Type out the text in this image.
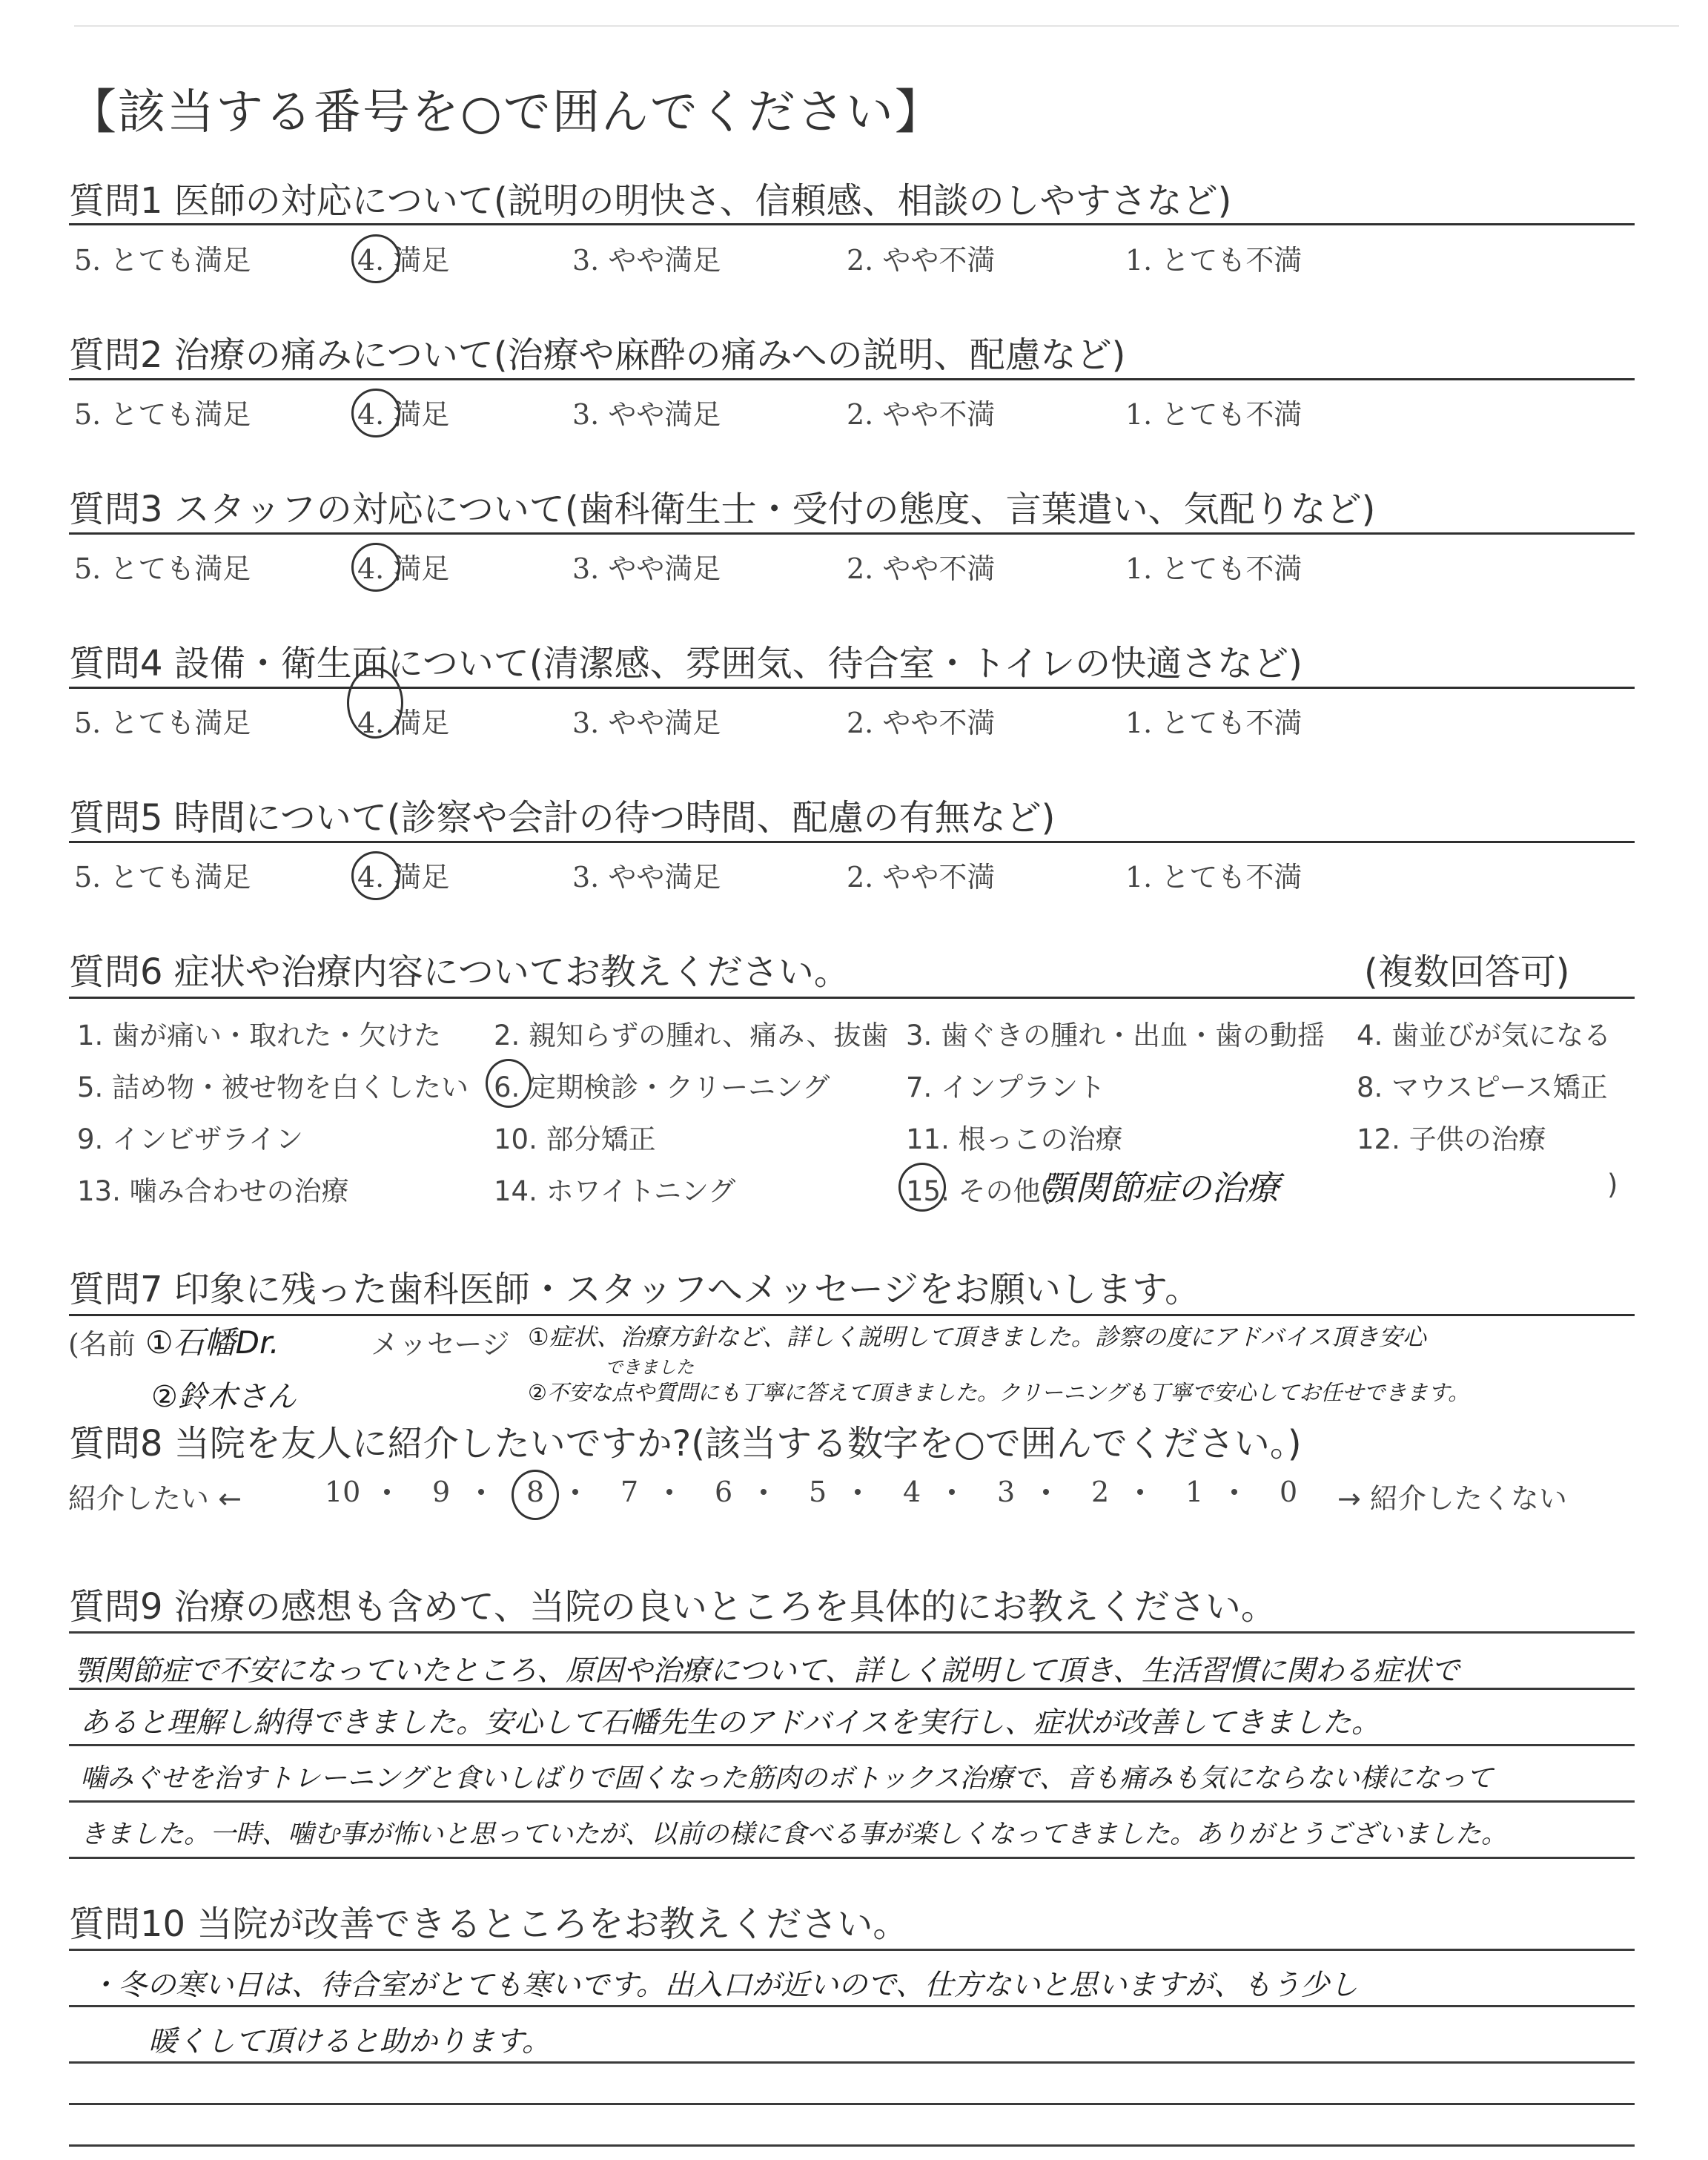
【該当する番号を○で囲んでください】
質問1 医師の対応について(説明の明快さ、信頼感、相談のしやすさなど)
5. とても満足	4. 満足	3. やや満足	2. やや不満	1. とても不満
質問2 治療の痛みについて(治療や麻酔の痛みへの説明、配慮など)
5. とても満足	4. 満足	3. やや満足	2. やや不満	1. とても不満
質問3 スタッフの対応について(歯科衛生士・受付の態度、言葉遣い、気配りなど)
5. とても満足	4. 満足	3. やや満足	2. やや不満	1. とても不満
質問4 設備・衛生面について(清潔感、雰囲気、待合室・トイレの快適さなど)
5. とても満足	4. 満足	3. やや満足	2. やや不満	1. とても不満
質問5 時間について(診察や会計の待つ時間、配慮の有無など)
5. とても満足	4. 満足	3. やや満足	2. やや不満	1. とても不満
質問6 症状や治療内容についてお教えください。	(複数回答可)
1. 歯が痛い・取れた・欠けた 2. 親知らずの腫れ、痛み、抜歯 3. 歯ぐきの腫れ・出血・歯の動揺 4. 歯並びが気になる
5. 詰め物・被せ物を白くしたい 6. 定期検診・クリーニング	7. インプラント	8. マウスピース矯正
9. インビザライン	10. 部分矯正	11. 根っこの治療	12. 子供の治療
13. 噛み合わせの治療	14. ホワイトニング	15. その他(
顎関節症の治療	)
質問7 印象に残った歯科医師・スタッフへメッセージをお願いします。
(名前 ①石幡Dr.	メッセージ ①症状、治療方針など、詳しく説明して頂きました。診察の度にアドバイス頂き安心
できました
②鈴木さん	②不安な点や質問にも丁寧に答えて頂きました。クリーニングも丁寧で安心してお任せできます。
質問8 当院を友人に紹介したいですか?(該当する数字を○で囲んでください。)
紹介したい ←	10	9	8	7	6	5	4	3	2	1	0 → 紹介したくない
質問9 治療の感想も含めて、当院の良いところを具体的にお教えください。
顎関節症で不安になっていたところ、原因や治療について、詳しく説明して頂き、生活習慣に関わる症状で
あると理解し納得できました。安心して石幡先生のアドバイスを実行し、症状が改善してきました。
噛みぐせを治すトレーニングと食いしばりで固くなった筋肉のボトックス治療で、音も痛みも気にならない様になって
きました。一時、噛む事が怖いと思っていたが、以前の様に食べる事が楽しくなってきました。ありがとうございました。
質問10 当院が改善できるところをお教えください。
・冬の寒い日は、待合室がとても寒いです。出入口が近いので、仕方ないと思いますが、もう少し
暖くして頂けると助かります。
